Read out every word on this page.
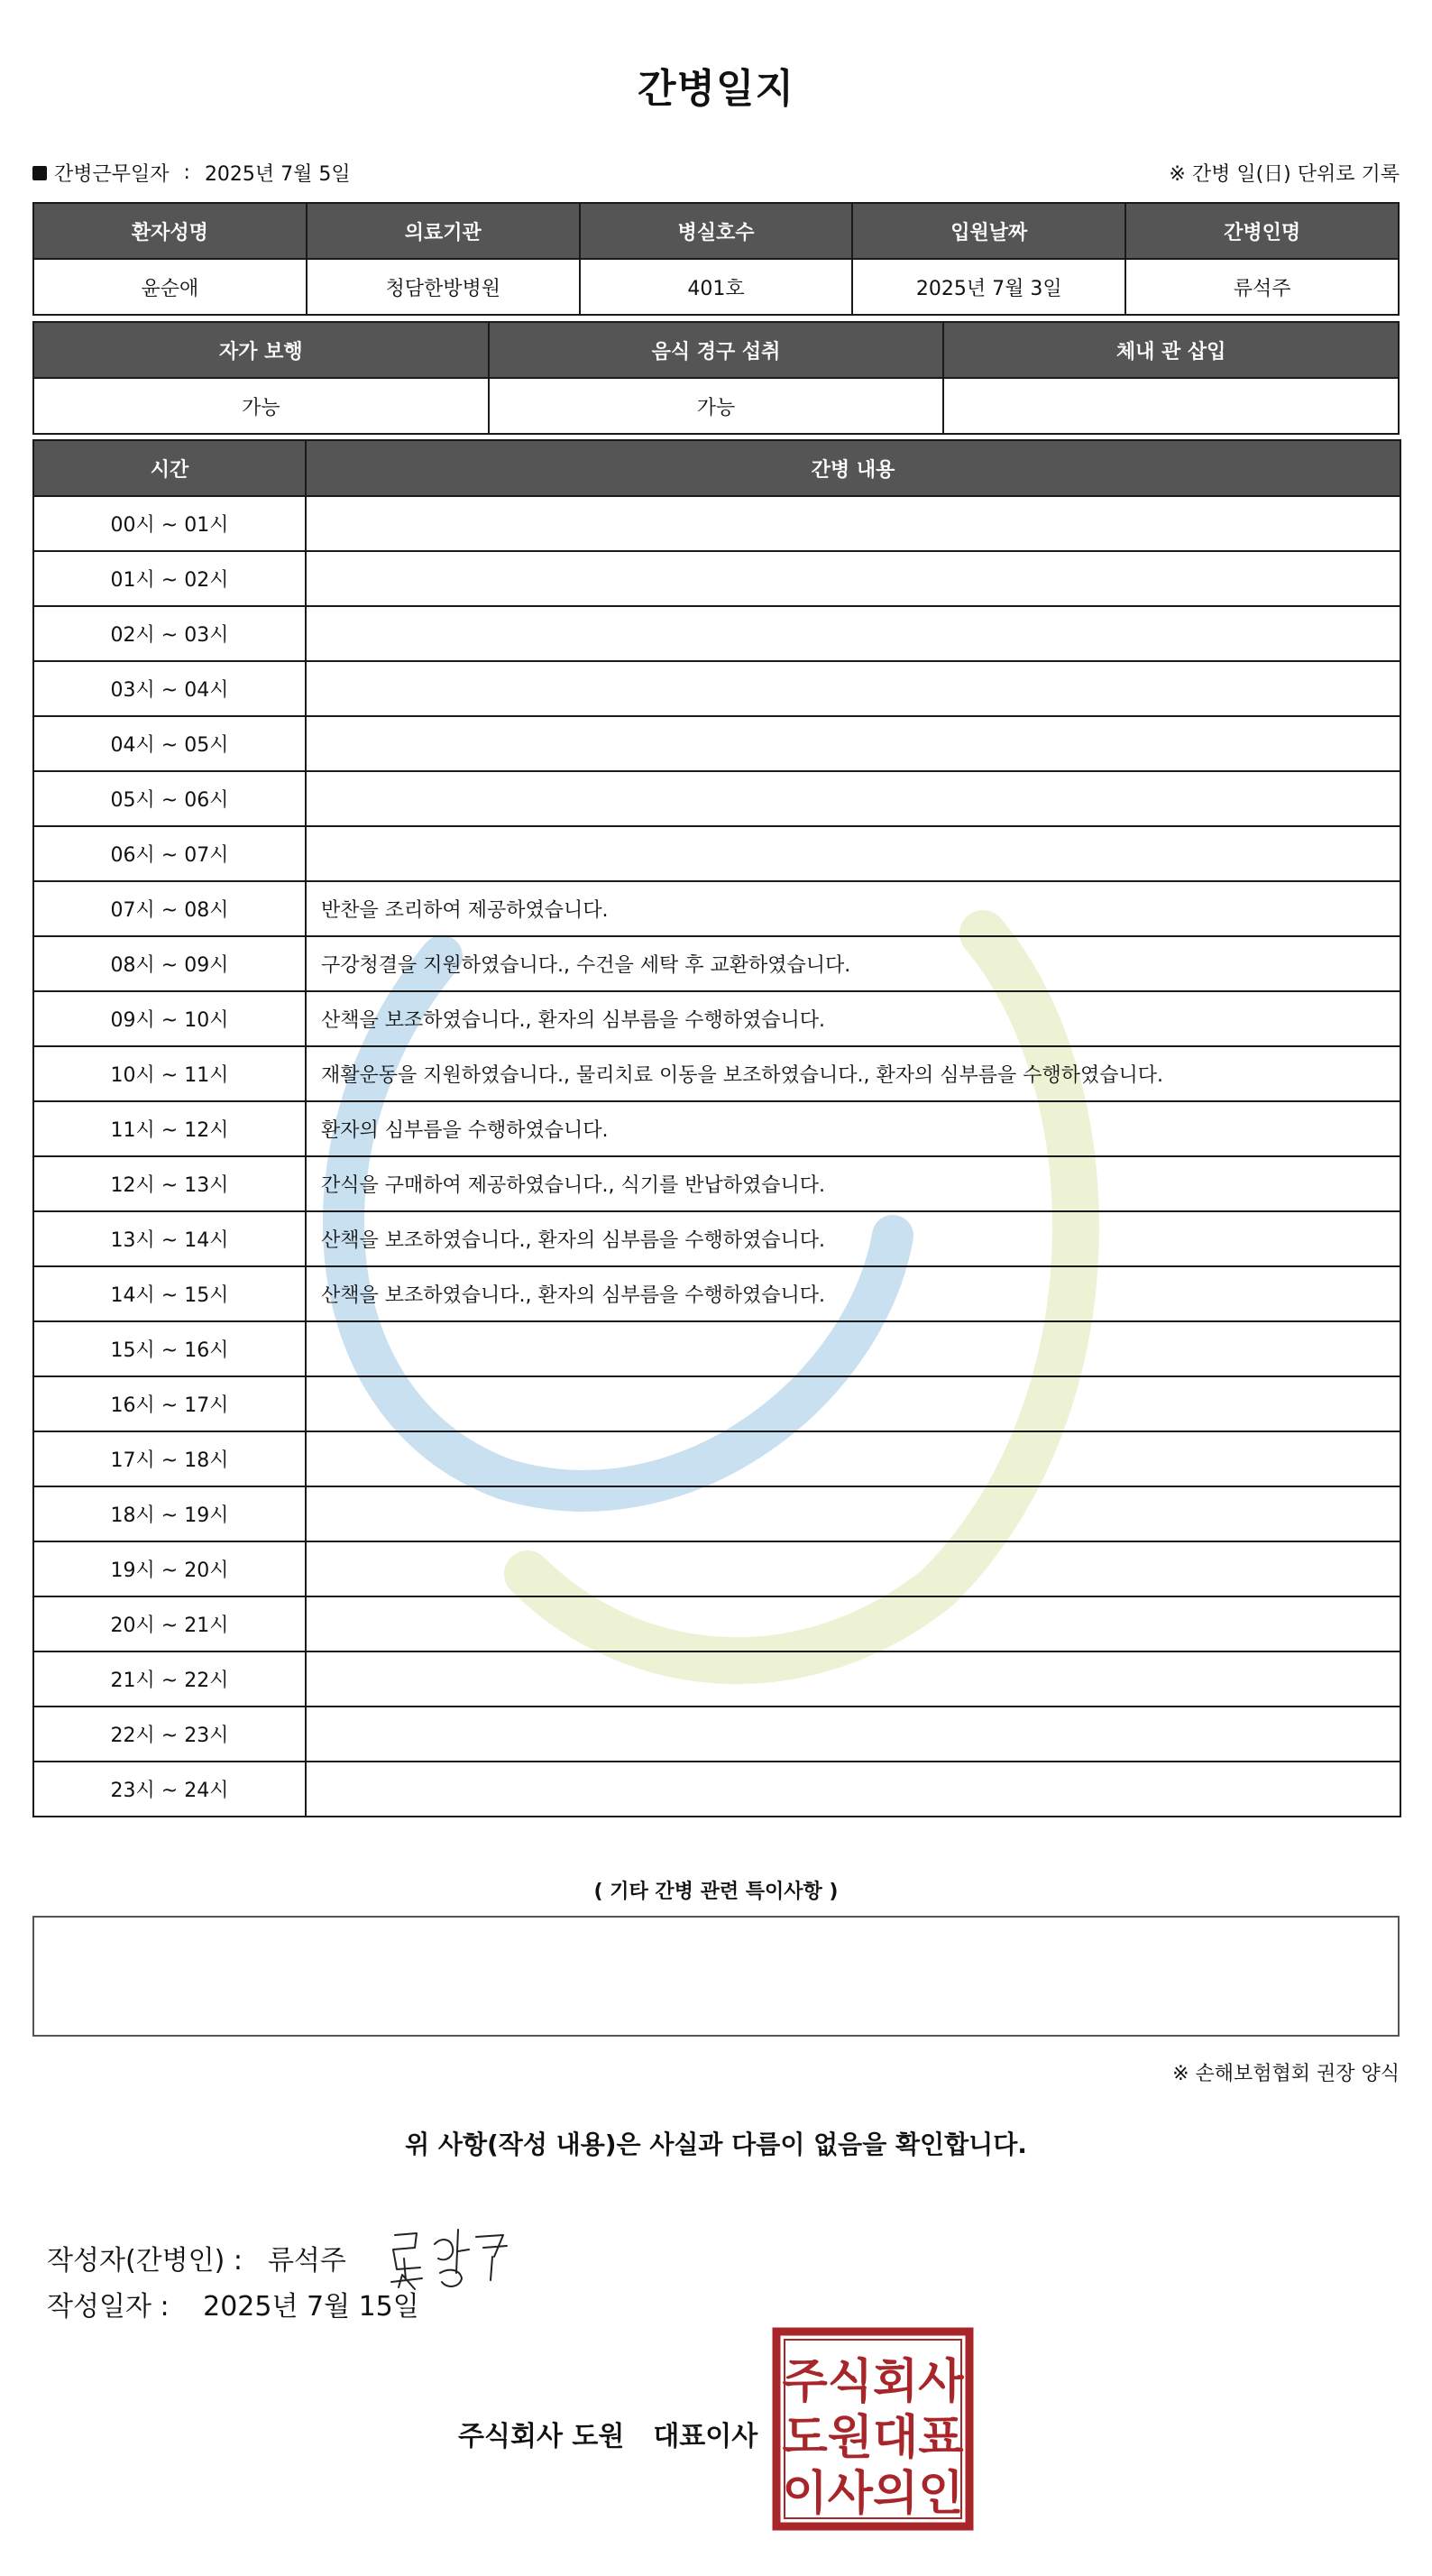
간병일지
간병근무일자 : 2025년 7월 5일	※ 간병 일(日) 단위로 기록
환자성명	의료기관	병실호수	입원날짜	간병인명
윤순애	청담한방병원	401호	2025년 7월 3일	류석주
자가 보행	음식 경구 섭취	체내 관 삽입
가능	가능	
시간	간병 내용
00시 ~ 01시	
01시 ~ 02시	
02시 ~ 03시	
03시 ~ 04시	
04시 ~ 05시	
05시 ~ 06시	
06시 ~ 07시	
07시 ~ 08시	반찬을 조리하여 제공하였습니다.
08시 ~ 09시	구강청결을 지원하였습니다., 수건을 세탁 후 교환하였습니다.
09시 ~ 10시	산책을 보조하였습니다., 환자의 심부름을 수행하였습니다.
10시 ~ 11시	재활운동을 지원하였습니다., 물리치료 이동을 보조하였습니다., 환자의 심부름을 수행하였습니다.
11시 ~ 12시	환자의 심부름을 수행하였습니다.
12시 ~ 13시	간식을 구매하여 제공하였습니다., 식기를 반납하였습니다.
13시 ~ 14시	산책을 보조하였습니다., 환자의 심부름을 수행하였습니다.
14시 ~ 15시	산책을 보조하였습니다., 환자의 심부름을 수행하였습니다.
15시 ~ 16시	
16시 ~ 17시	
17시 ~ 18시	
18시 ~ 19시	
19시 ~ 20시	
20시 ~ 21시	
21시 ~ 22시	
22시 ~ 23시	
23시 ~ 24시	
( 기타 간병 관련 특이사항 )
※ 손해보험협회 권장 양식
위 사항(작성 내용)은 사실과 다름이 없음을 확인합니다.
작성자(간병인) : 류석주
작성일자 : 2025년 7월 15일
주식회사 도원 대표이사
주식회사
도원대표
이사의인
